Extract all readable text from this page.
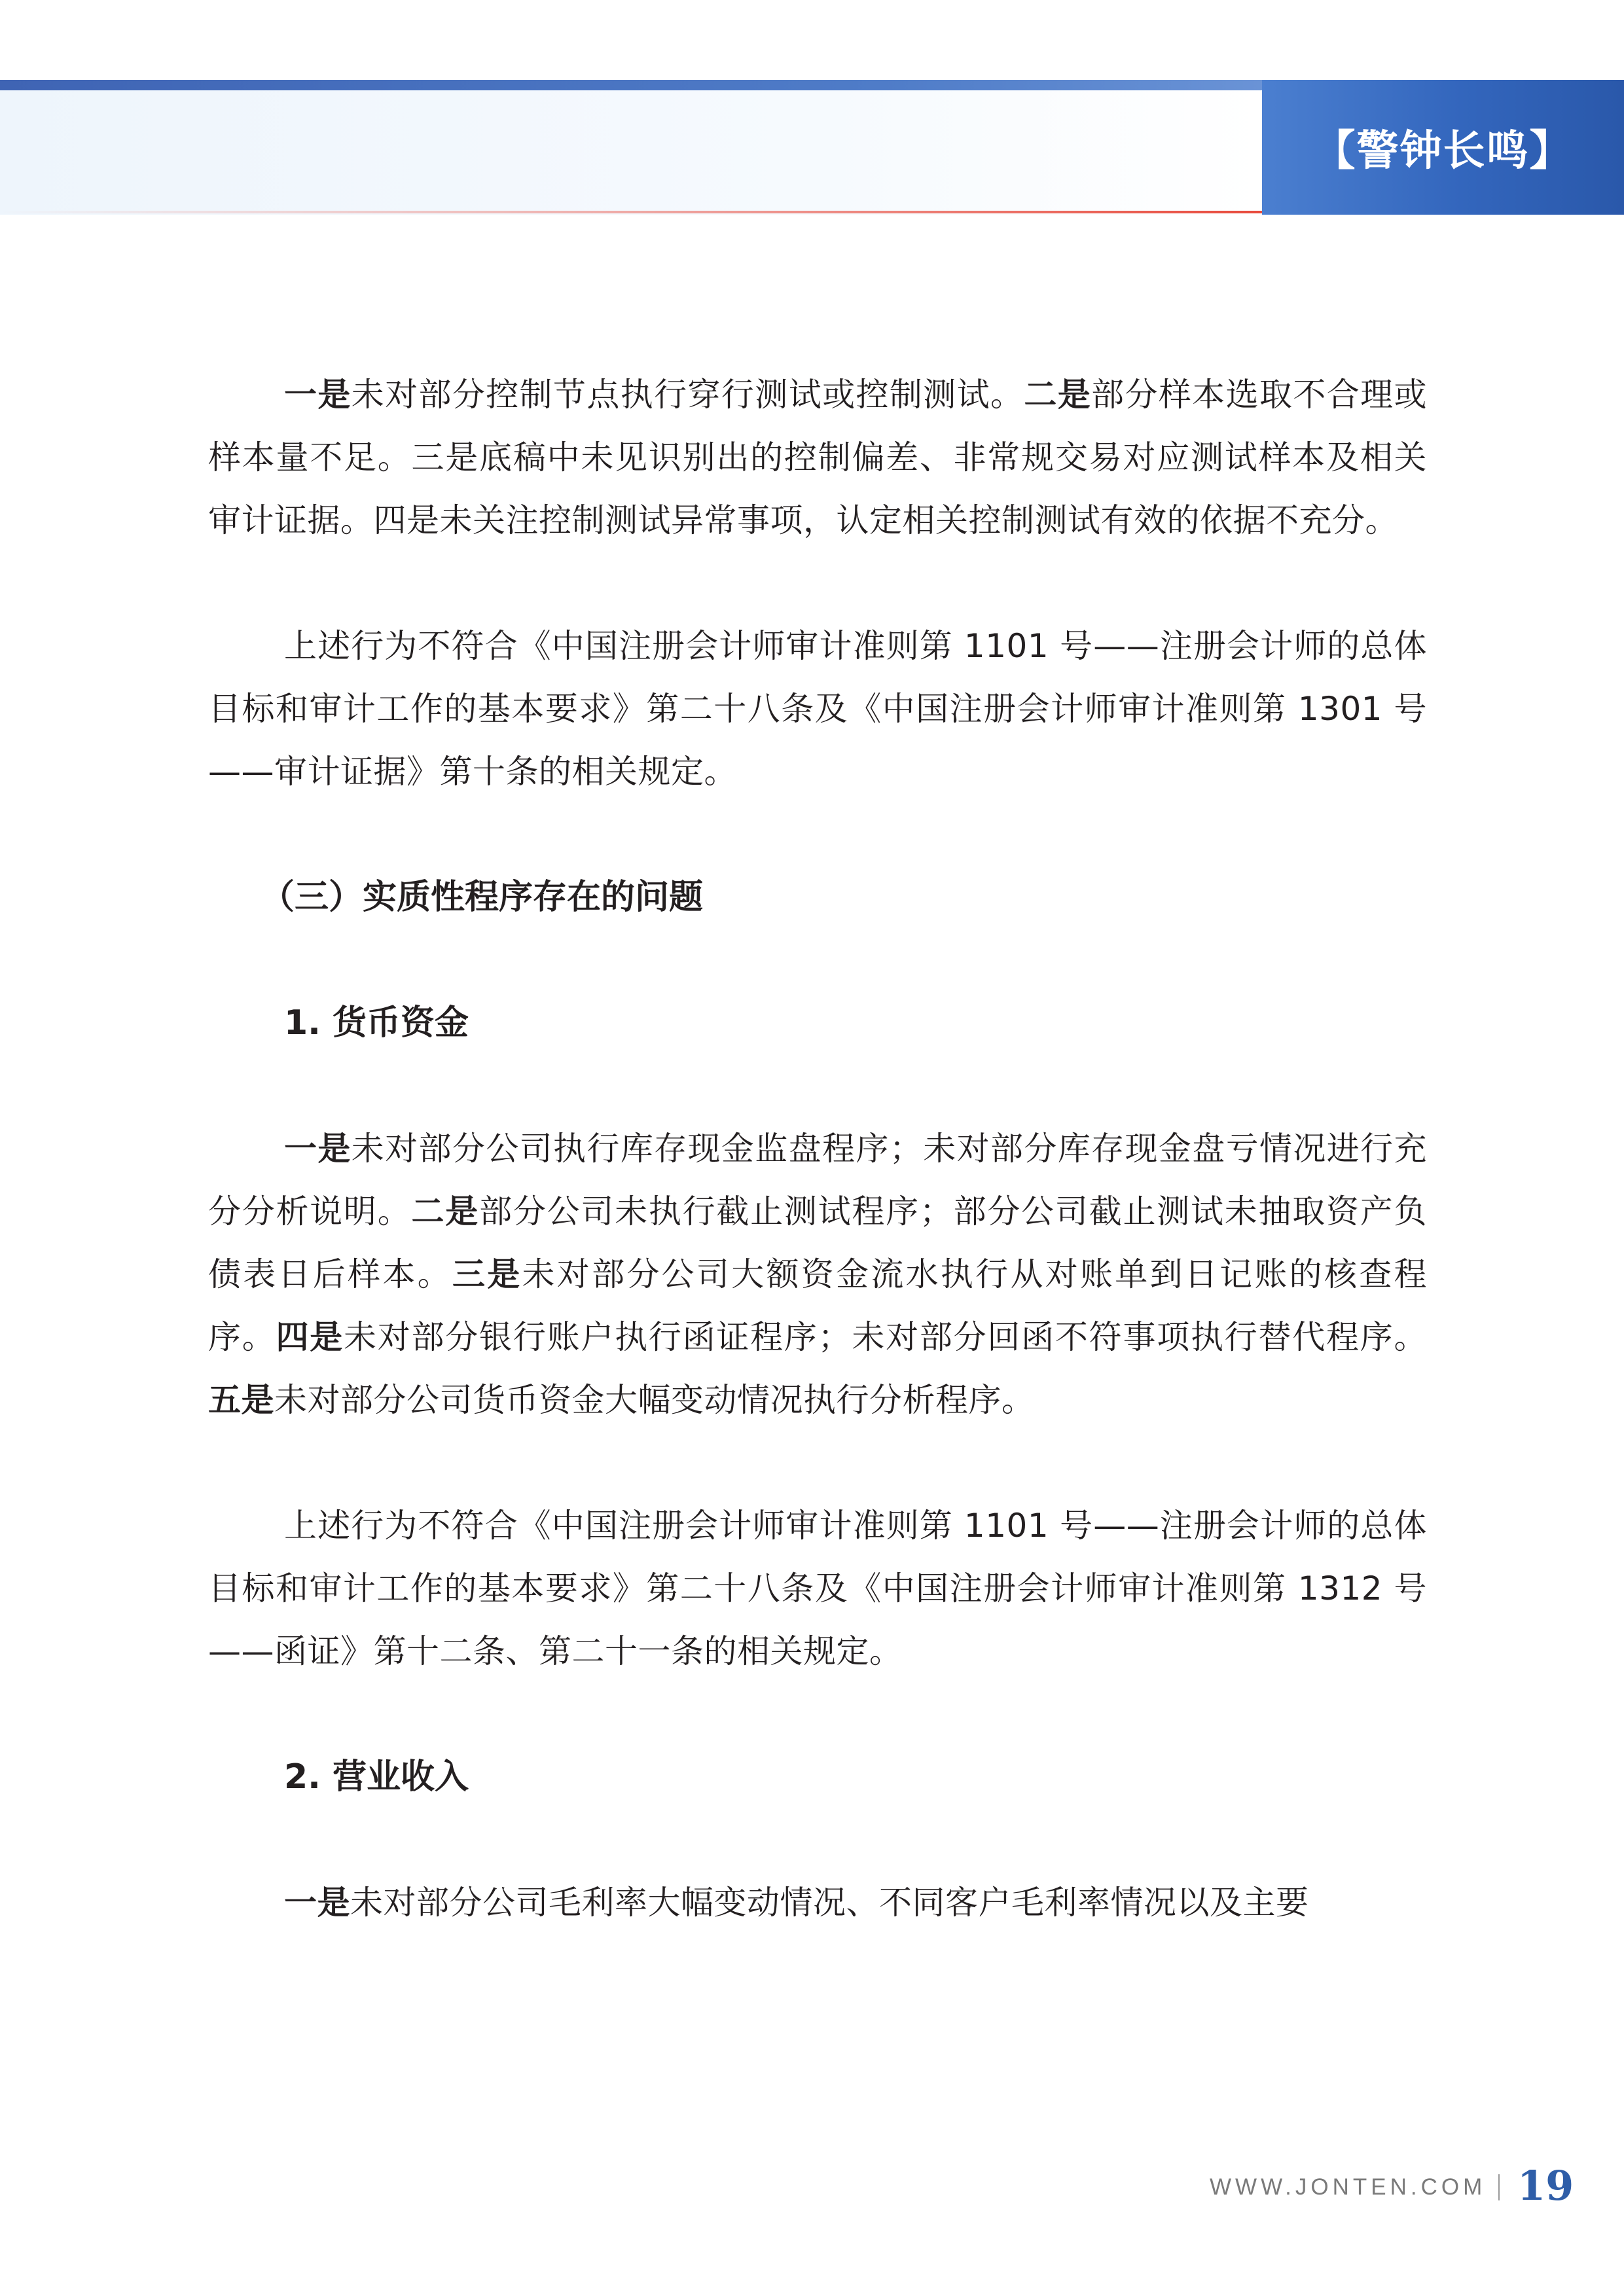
【警钟长鸣】

一是未对部分控制节点执行穿行测试或控制测试。二是部分样本选取不合理或样本量不足。三是底稿中未见识别出的控制偏差、非常规交易对应测试样本及相关审计证据。四是未关注控制测试异常事项，认定相关控制测试有效的依据不充分。

上述行为不符合《中国注册会计师审计准则第 1101 号——注册会计师的总体目标和审计工作的基本要求》第二十八条及《中国注册会计师审计准则第 1301 号——审计证据》第十条的相关规定。

（三）实质性程序存在的问题

1. 货币资金

一是未对部分公司执行库存现金监盘程序；未对部分库存现金盘亏情况进行充分分析说明。二是部分公司未执行截止测试程序；部分公司截止测试未抽取资产负债表日后样本。三是未对部分公司大额资金流水执行从对账单到日记账的核查程序。四是未对部分银行账户执行函证程序；未对部分回函不符事项执行替代程序。五是未对部分公司货币资金大幅变动情况执行分析程序。

上述行为不符合《中国注册会计师审计准则第 1101 号——注册会计师的总体目标和审计工作的基本要求》第二十八条及《中国注册会计师审计准则第 1312 号——函证》第十二条、第二十一条的相关规定。

2. 营业收入

一是未对部分公司毛利率大幅变动情况、不同客户毛利率情况以及主要

WWW.JONTEN.COM 19
